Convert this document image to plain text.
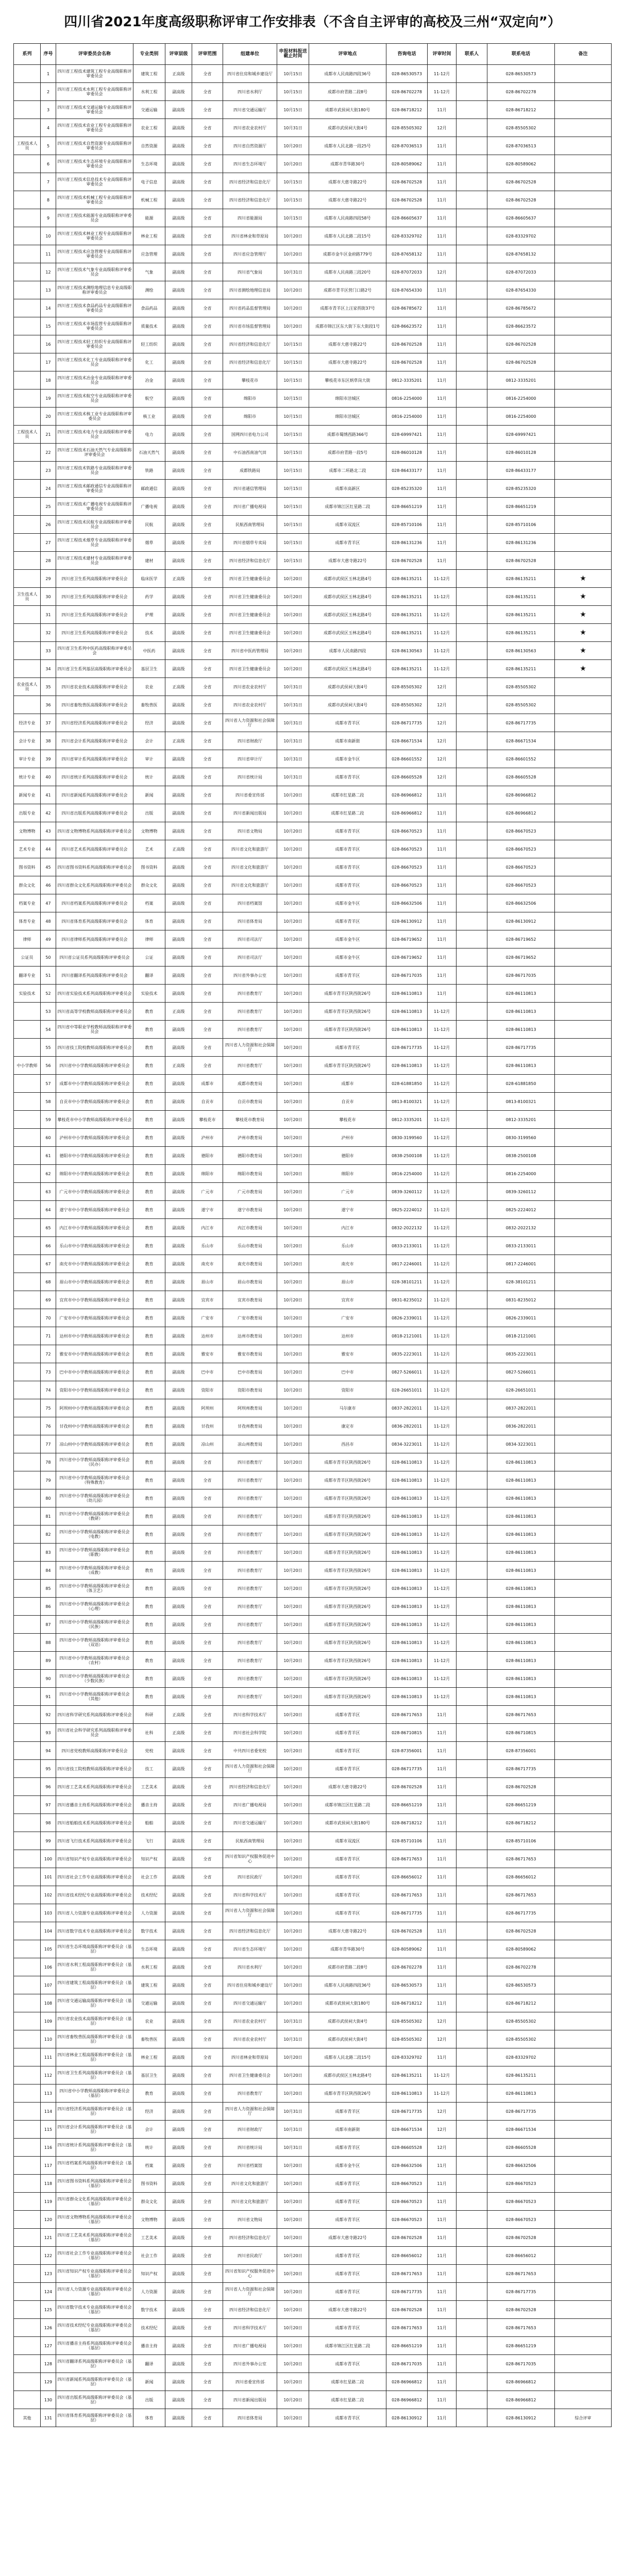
四川省2021年度高级职称评审工作安排表（不含自主评审的高校及三州“双定向”）
系列	序号	评审委员会名称	专业类别	评审层级	评审范围	组建单位	申报材料报送截止时间	评审地点	咨询电话	评审时间	联系人	联系电话	备注
	1	四川省工程技术建筑工程专业高级职称评审委员会	建筑工程	正高级	全省	四川省住房和城乡建设厅	10月15日	成都市人民南路四段36号	028-86530573	11-12月		028-86530573	
	2	四川省工程技术水利工程专业高级职称评审委员会	水利工程	副高级	全省	四川省水利厅	10月15日	成都市府青路二段8号	028-86702278	11-12月		028-86702278	
	3	四川省工程技术交通运输专业高级职称评审委员会	交通运输	副高级	全省	四川省交通运输厅	10月15日	成都市武侯祠大街180号	028-86718212	11月		028-86718212	
	4	四川省工程技术农业工程专业高级职称评审委员会	农业工程	副高级	全省	四川省农业农村厅	10月31日	成都市武侯祠大街4号	028-85505302	12月		028-85505302	
工程技术人员	5	四川省工程技术自然资源专业高级职称评审委员会	自然资源	副高级	全省	四川省自然资源厅	10月20日	成都市人民北路一段25号	028-87036513	11月		028-87036513	
	6	四川省工程技术生态环境专业高级职称评审委员会	生态环境	副高级	全省	四川省生态环境厅	10月20日	成都市青华路30号	028-80589062	11月		028-80589062	
	7	四川省工程技术信息技术专业高级职称评审委员会	电子信息	副高级	全省	四川省经济和信息化厅	10月15日	成都市大慈寺路22号	028-86702528	11月		028-86702528	
	8	四川省工程技术机械工程专业高级职称评审委员会	机械工程	副高级	全省	四川省经济和信息化厅	10月15日	成都市大慈寺路22号	028-86702528	11月		028-86702528	
	9	四川省工程技术能源专业高级职称评审委员会	能源	副高级	全省	四川省能源局	10月15日	成都市人民南路四段58号	028-86605637	11月		028-86605637	
	10	四川省工程技术林业工程专业高级职称评审委员会	林业工程	副高级	全省	四川省林业和草原局	10月20日	成都市人民北路二段15号	028-83329702	11月		028-83329702	
	11	四川省工程技术应急管理专业高级职称评审委员会	应急管理	副高级	全省	四川省应急管理厅	10月20日	成都市金牛区金府路779号	028-87658132	11月		028-87658132	
	12	四川省工程技术气象专业高级职称评审委员会	气象	副高级	全省	四川省气象局	10月31日	成都市人民南路三段20号	028-87072033	12月		028-87072033	
	13	四川省工程技术测绘地理信息专业高级职称评审委员会	测绘	副高级	全省	四川省测绘地理信息局	10月20日	成都市青羊区营门口路2号	028-87654330	11月		028-87654330	
	14	四川省工程技术食品药品专业高级职称评审委员会	食品药品	副高级	全省	四川省药品监督管理局	10月20日	成都市青羊区上汪家拐街37号	028-86785672	11月		028-86785672	
	15	四川省工程技术市场监管专业高级职称评审委员会	质量技术	副高级	全省	四川省市场监督管理局	10月20日	成都市锦江区东大街下东大街段1号	028-86623572	11月		028-86623572	
	16	四川省工程技术轻工纺织专业高级职称评审委员会	轻工纺织	副高级	全省	四川省经济和信息化厅	10月15日	成都市大慈寺路22号	028-86702528	11月		028-86702528	
	17	四川省工程技术化工专业高级职称评审委员会	化工	副高级	全省	四川省经济和信息化厅	10月15日	成都市大慈寺路22号	028-86702528	11月		028-86702528	
	18	四川省工程技术冶金专业高级职称评审委员会	冶金	副高级	全省	攀枝花市	10月15日	攀枝花市东区炳草岗大街	0812-3335201	11月		0812-3335201	
	19	四川省工程技术航空专业高级职称评审委员会	航空	副高级	全省	绵阳市	10月15日	绵阳市涪城区	0816-2254000	11月		0816-2254000	
	20	四川省工程技术核工业专业高级职称评审委员会	核工业	副高级	全省	绵阳市	10月15日	绵阳市涪城区	0816-2254000	11月		0816-2254000	
工程技术人员	21	四川省工程技术电力专业高级职称评审委员会	电力	副高级	全省	国网四川省电力公司	10月15日	成都市蜀绣西路366号	028-69997421	11月		028-69997421	
	22	四川省工程技术石油天然气专业高级职称评审委员会	石油天然气	副高级	全省	中石油西南油气田	10月15日	成都市府青路一段5号	028-86010128	11月		028-86010128	
	23	四川省工程技术铁路专业高级职称评审委员会	铁路	副高级	全省	成都铁路局	10月15日	成都市二环路北二段	028-86433177	11月		028-86433177	
	24	四川省工程技术邮政通信专业高级职称评审委员会	邮政通信	副高级	全省	四川省通信管理局	10月15日	成都市高新区	028-85235320	11月		028-85235320	
	25	四川省工程技术广播电视专业高级职称评审委员会	广播电视	副高级	全省	四川省广播电视局	10月15日	成都市锦江区红星路二段	028-86651219	11月		028-86651219	
	26	四川省工程技术民航专业高级职称评审委员会	民航	副高级	全省	民航西南管理局	10月15日	成都市双流区	028-85710106	11月		028-85710106	
	27	四川省工程技术烟草专业高级职称评审委员会	烟草	副高级	全省	四川省烟草专卖局	10月15日	成都市青羊区	028-86131236	11月		028-86131236	
	28	四川省工程技术建材专业高级职称评审委员会	建材	副高级	全省	四川省经济和信息化厅	10月15日	成都市大慈寺路22号	028-86702528	11月		028-86702528	
	29	四川省卫生系列高级职称评审委员会	临床医学	正高级	全省	四川省卫生健康委员会	10月20日	成都市武侯区玉林北路4号	028-86135211	11-12月		028-86135211	★
卫生技术人员	30	四川省卫生系列高级职称评审委员会	药学	副高级	全省	四川省卫生健康委员会	10月20日	成都市武侯区玉林北路4号	028-86135211	11-12月		028-86135211	★
	31	四川省卫生系列高级职称评审委员会	护理	副高级	全省	四川省卫生健康委员会	10月20日	成都市武侯区玉林北路4号	028-86135211	11-12月		028-86135211	★
	32	四川省卫生系列高级职称评审委员会	技术	副高级	全省	四川省卫生健康委员会	10月20日	成都市武侯区玉林北路4号	028-86135211	11-12月		028-86135211	★
	33	四川省卫生系列中医药高级职称评审委员会	中医药	副高级	全省	四川省中医药管理局	10月20日	成都市人民南路四段	028-86130563	11-12月		028-86130563	★
	34	四川省卫生系列基层高级职称评审委员会	基层卫生	副高级	全省	四川省卫生健康委员会	10月20日	成都市武侯区玉林北路4号	028-86135211	11-12月		028-86135211	★
农业技术人员	35	四川省农业技术高级职称评审委员会	农业	正高级	全省	四川省农业农村厅	10月31日	成都市武侯祠大街4号	028-85505302	12月		028-85505302	
	36	四川省畜牧兽医高级职称评审委员会	畜牧兽医	副高级	全省	四川省农业农村厅	10月31日	成都市武侯祠大街4号	028-85505302	12月		028-85505302	
经济专业	37	四川省经济系列高级职称评审委员会	经济	副高级	全省	四川省人力资源和社会保障厅	10月31日	成都市青羊区	028-86717735	12月		028-86717735	
会计专业	38	四川省会计系列高级职称评审委员会	会计	正高级	全省	四川省财政厅	10月31日	成都市南新街	028-86671534	12月		028-86671534	
审计专业	39	四川省审计系列高级职称评审委员会	审计	副高级	全省	四川省审计厅	10月31日	成都市金牛区	028-86601552	12月		028-86601552	
统计专业	40	四川省统计系列高级职称评审委员会	统计	副高级	全省	四川省统计局	10月31日	成都市青羊区	028-86605528	12月		028-86605528	
新闻专业	41	四川省新闻系列高级职称评审委员会	新闻	副高级	全省	四川省委宣传部	10月20日	成都市红星路二段	028-86966812	11月		028-86966812	
出版专业	42	四川省出版系列高级职称评审委员会	出版	副高级	全省	四川省新闻出版局	10月20日	成都市红星路二段	028-86966812	11月		028-86966812	
文物博物	43	四川省文物博物系列高级职称评审委员会	文物博物	副高级	全省	四川省文物局	10月20日	成都市青羊区	028-86670523	11月		028-86670523	
艺术专业	44	四川省艺术系列高级职称评审委员会	艺术	正高级	全省	四川省文化和旅游厅	10月20日	成都市青羊区	028-86670523	11月		028-86670523	
图书资料	45	四川省图书资料系列高级职称评审委员会	图书资料	副高级	全省	四川省文化和旅游厅	10月20日	成都市青羊区	028-86670523	11月		028-86670523	
群众文化	46	四川省群众文化系列高级职称评审委员会	群众文化	副高级	全省	四川省文化和旅游厅	10月20日	成都市青羊区	028-86670523	11月		028-86670523	
档案专业	47	四川省档案系列高级职称评审委员会	档案	副高级	全省	四川省档案馆	10月20日	成都市金牛区	028-86632506	11月		028-86632506	
体育专业	48	四川省体育系列高级职称评审委员会	体育	副高级	全省	四川省体育局	10月20日	成都市青羊区	028-86130912	11月		028-86130912	
律师	49	四川省律师系列高级职称评审委员会	律师	副高级	全省	四川省司法厅	10月20日	成都市金牛区	028-86719652	11月		028-86719652	
公证员	50	四川省公证员系列高级职称评审委员会	公证	副高级	全省	四川省司法厅	10月20日	成都市金牛区	028-86719652	11月		028-86719652	
翻译专业	51	四川省翻译系列高级职称评审委员会	翻译	副高级	全省	四川省外事办公室	10月20日	成都市青羊区	028-86717035	11月		028-86717035	
实验技术	52	四川省实验技术系列高级职称评审委员会	实验技术	副高级	全省	四川省教育厅	10月20日	成都市青羊区陕西街26号	028-86110813	11月		028-86110813	
	53	四川省高等学校教师高级职称评审委员会	教育	正高级	全省	四川省教育厅	10月20日	成都市青羊区陕西街26号	028-86110813	11-12月		028-86110813	
	54	四川省中等职业学校教师高级职称评审委员会	教育	副高级	全省	四川省教育厅	10月20日	成都市青羊区陕西街26号	028-86110813	11-12月		028-86110813	
	55	四川省技工院校教师高级职称评审委员会	教育	副高级	全省	四川省人力资源和社会保障厅	10月20日	成都市青羊区	028-86717735	11-12月		028-86717735	
中小学教师	56	四川省中小学教师高级职称评审委员会	教育	正高级	全省	四川省教育厅	10月20日	成都市青羊区陕西街26号	028-86110813	11-12月		028-86110813	
	57	成都市中小学教师高级职称评审委员会	教育	副高级	成都市	成都市教育局	10月20日	成都市	028-61881850	11-12月		028-61881850	
	58	自贡市中小学教师高级职称评审委员会	教育	副高级	自贡市	自贡市教育局	10月20日	自贡市	0813-8100321	11-12月		0813-8100321	
	59	攀枝花市中小学教师高级职称评审委员会	教育	副高级	攀枝花市	攀枝花市教育局	10月20日	攀枝花市	0812-3335201	11-12月		0812-3335201	
	60	泸州市中小学教师高级职称评审委员会	教育	副高级	泸州市	泸州市教育局	10月20日	泸州市	0830-3199560	11-12月		0830-3199560	
	61	德阳市中小学教师高级职称评审委员会	教育	副高级	德阳市	德阳市教育局	10月20日	德阳市	0838-2500108	11-12月		0838-2500108	
	62	绵阳市中小学教师高级职称评审委员会	教育	副高级	绵阳市	绵阳市教育局	10月20日	绵阳市	0816-2254000	11-12月		0816-2254000	
	63	广元市中小学教师高级职称评审委员会	教育	副高级	广元市	广元市教育局	10月20日	广元市	0839-3260112	11-12月		0839-3260112	
	64	遂宁市中小学教师高级职称评审委员会	教育	副高级	遂宁市	遂宁市教育局	10月20日	遂宁市	0825-2224012	11-12月		0825-2224012	
	65	内江市中小学教师高级职称评审委员会	教育	副高级	内江市	内江市教育局	10月20日	内江市	0832-2022132	11-12月		0832-2022132	
	66	乐山市中小学教师高级职称评审委员会	教育	副高级	乐山市	乐山市教育局	10月20日	乐山市	0833-2133011	11-12月		0833-2133011	
	67	南充市中小学教师高级职称评审委员会	教育	副高级	南充市	南充市教育局	10月20日	南充市	0817-2246001	11-12月		0817-2246001	
	68	眉山市中小学教师高级职称评审委员会	教育	副高级	眉山市	眉山市教育局	10月20日	眉山市	028-38101211	11-12月		028-38101211	
	69	宜宾市中小学教师高级职称评审委员会	教育	副高级	宜宾市	宜宾市教育局	10月20日	宜宾市	0831-8235012	11-12月		0831-8235012	
	70	广安市中小学教师高级职称评审委员会	教育	副高级	广安市	广安市教育局	10月20日	广安市	0826-2339011	11-12月		0826-2339011	
	71	达州市中小学教师高级职称评审委员会	教育	副高级	达州市	达州市教育局	10月20日	达州市	0818-2121001	11-12月		0818-2121001	
	72	雅安市中小学教师高级职称评审委员会	教育	副高级	雅安市	雅安市教育局	10月20日	雅安市	0835-2223011	11-12月		0835-2223011	
	73	巴中市中小学教师高级职称评审委员会	教育	副高级	巴中市	巴中市教育局	10月20日	巴中市	0827-5266011	11-12月		0827-5266011	
	74	资阳市中小学教师高级职称评审委员会	教育	副高级	资阳市	资阳市教育局	10月20日	资阳市	028-26651011	11-12月		028-26651011	
	75	阿坝州中小学教师高级职称评审委员会	教育	副高级	阿坝州	阿坝州教育局	10月20日	马尔康市	0837-2822011	11-12月		0837-2822011	
	76	甘孜州中小学教师高级职称评审委员会	教育	副高级	甘孜州	甘孜州教育局	10月20日	康定市	0836-2822011	11-12月		0836-2822011	
	77	凉山州中小学教师高级职称评审委员会	教育	副高级	凉山州	凉山州教育局	10月20日	西昌市	0834-3223011	11-12月		0834-3223011	
	78	四川省中小学教师高级职称评审委员会（民办）	教育	副高级	全省	四川省教育厅	10月20日	成都市青羊区陕西街26号	028-86110813	11-12月		028-86110813	
	79	四川省中小学教师高级职称评审委员会（特殊教育）	教育	副高级	全省	四川省教育厅	10月20日	成都市青羊区陕西街26号	028-86110813	11-12月		028-86110813	
	80	四川省中小学教师高级职称评审委员会（幼儿园）	教育	副高级	全省	四川省教育厅	10月20日	成都市青羊区陕西街26号	028-86110813	11-12月		028-86110813	
	81	四川省中小学教师高级职称评审委员会（教研）	教育	副高级	全省	四川省教育厅	10月20日	成都市青羊区陕西街26号	028-86110813	11-12月		028-86110813	
	82	四川省中小学教师高级职称评审委员会（电教）	教育	副高级	全省	四川省教育厅	10月20日	成都市青羊区陕西街26号	028-86110813	11-12月		028-86110813	
	83	四川省中小学教师高级职称评审委员会（职教）	教育	副高级	全省	四川省教育厅	10月20日	成都市青羊区陕西街26号	028-86110813	11-12月		028-86110813	
	84	四川省中小学教师高级职称评审委员会（成教）	教育	副高级	全省	四川省教育厅	10月20日	成都市青羊区陕西街26号	028-86110813	11-12月		028-86110813	
	85	四川省中小学教师高级职称评审委员会（体卫艺）	教育	副高级	全省	四川省教育厅	10月20日	成都市青羊区陕西街26号	028-86110813	11-12月		028-86110813	
	86	四川省中小学教师高级职称评审委员会（心理）	教育	副高级	全省	四川省教育厅	10月20日	成都市青羊区陕西街26号	028-86110813	11-12月		028-86110813	
	87	四川省中小学教师高级职称评审委员会（民族）	教育	副高级	全省	四川省教育厅	10月20日	成都市青羊区陕西街26号	028-86110813	11-12月		028-86110813	
	88	四川省中小学教师高级职称评审委员会（双语）	教育	副高级	全省	四川省教育厅	10月20日	成都市青羊区陕西街26号	028-86110813	11-12月		028-86110813	
	89	四川省中小学教师高级职称评审委员会（农村）	教育	副高级	全省	四川省教育厅	10月20日	成都市青羊区陕西街26号	028-86110813	11-12月		028-86110813	
	90	四川省中小学教师高级职称评审委员会（少数民族）	教育	副高级	全省	四川省教育厅	10月20日	成都市青羊区陕西街26号	028-86110813	11-12月		028-86110813	
	91	四川省中小学教师高级职称评审委员会（其他）	教育	副高级	全省	四川省教育厅	10月20日	成都市青羊区陕西街26号	028-86110813	11-12月		028-86110813	
	92	四川省科学研究系列高级职称评审委员会	科研	正高级	全省	四川省科学技术厅	10月20日	成都市青羊区	028-86717653	11月		028-86717653	
	93	四川省社会科学研究系列高级职称评审委员会	社科	正高级	全省	四川省社会科学院	10月20日	成都市青羊区	028-86710815	11月		028-86710815	
	94	四川省党校教师高级职称评审委员会	党校	副高级	全省	中共四川省委党校	10月20日	成都市青羊区	028-87356001	11月		028-87356001	
	95	四川省技工院校教师高级职称评审委员会	技工	副高级	全省	四川省人力资源和社会保障厅	10月20日	成都市青羊区	028-86717735	11月		028-86717735	
	96	四川省工艺美术系列高级职称评审委员会	工艺美术	副高级	全省	四川省经济和信息化厅	10月20日	成都市大慈寺路22号	028-86702528	11月		028-86702528	
	97	四川省播音主持系列高级职称评审委员会	播音主持	副高级	全省	四川省广播电视局	10月20日	成都市锦江区红星路二段	028-86651219	11月		028-86651219	
	98	四川省船舶技术系列高级职称评审委员会	船舶	副高级	全省	四川省交通运输厅	10月20日	成都市武侯祠大街180号	028-86718212	11月		028-86718212	
	99	四川省飞行技术系列高级职称评审委员会	飞行	副高级	全省	民航西南管理局	10月20日	成都市双流区	028-85710106	11月		028-85710106	
	100	四川省知识产权专业高级职称评审委员会	知识产权	副高级	全省	四川省知识产权服务促进中心	10月20日	成都市青羊区	028-86717653	11月		028-86717653	
	101	四川省社会工作专业高级职称评审委员会	社会工作	副高级	全省	四川省民政厅	10月20日	成都市青羊区	028-86656012	11月		028-86656012	
	102	四川省技术经纪专业高级职称评审委员会	技术经纪	副高级	全省	四川省科学技术厅	10月20日	成都市青羊区	028-86717653	11月		028-86717653	
	103	四川省人力资源专业高级职称评审委员会	人力资源	副高级	全省	四川省人力资源和社会保障厅	10月20日	成都市青羊区	028-86717735	11月		028-86717735	
	104	四川省数字技术专业高级职称评审委员会	数字技术	副高级	全省	四川省经济和信息化厅	10月20日	成都市大慈寺路22号	028-86702528	11月		028-86702528	
	105	四川省生态环境高级职称评审委员会（基层）	生态环境	副高级	全省	四川省生态环境厅	10月20日	成都市青华路30号	028-80589062	11月		028-80589062	
	106	四川省水利工程高级职称评审委员会（基层）	水利工程	副高级	全省	四川省水利厅	10月20日	成都市府青路二段8号	028-86702278	11月		028-86702278	
	107	四川省建筑工程高级职称评审委员会（基层）	建筑工程	副高级	全省	四川省住房和城乡建设厅	10月20日	成都市人民南路四段36号	028-86530573	11月		028-86530573	
	108	四川省交通运输高级职称评审委员会（基层）	交通运输	副高级	全省	四川省交通运输厅	10月20日	成都市武侯祠大街180号	028-86718212	11月		028-86718212	
	109	四川省农业技术高级职称评审委员会（基层）	农业	副高级	全省	四川省农业农村厅	10月31日	成都市武侯祠大街4号	028-85505302	12月		028-85505302	
	110	四川省畜牧兽医高级职称评审委员会（基层）	畜牧兽医	副高级	全省	四川省农业农村厅	10月31日	成都市武侯祠大街4号	028-85505302	12月		028-85505302	
	111	四川省林业工程高级职称评审委员会（基层）	林业工程	副高级	全省	四川省林业和草原局	10月20日	成都市人民北路二段15号	028-83329702	11月		028-83329702	
	112	四川省卫生系列高级职称评审委员会（基层）	基层卫生	副高级	全省	四川省卫生健康委员会	10月20日	成都市武侯区玉林北路4号	028-86135211	11-12月		028-86135211	
	113	四川省中小学教师高级职称评审委员会（基层）	教育	副高级	全省	四川省教育厅	10月20日	成都市青羊区陕西街26号	028-86110813	11-12月		028-86110813	
	114	四川省经济系列高级职称评审委员会（基层）	经济	副高级	全省	四川省人力资源和社会保障厅	10月31日	成都市青羊区	028-86717735	12月		028-86717735	
	115	四川省会计系列高级职称评审委员会（基层）	会计	副高级	全省	四川省财政厅	10月31日	成都市南新街	028-86671534	12月		028-86671534	
	116	四川省统计系列高级职称评审委员会（基层）	统计	副高级	全省	四川省统计局	10月31日	成都市青羊区	028-86605528	12月		028-86605528	
	117	四川省档案系列高级职称评审委员会（基层）	档案	副高级	全省	四川省档案馆	10月20日	成都市金牛区	028-86632506	11月		028-86632506	
	118	四川省图书资料系列高级职称评审委员会（基层）	图书资料	副高级	全省	四川省文化和旅游厅	10月20日	成都市青羊区	028-86670523	11月		028-86670523	
	119	四川省群众文化系列高级职称评审委员会（基层）	群众文化	副高级	全省	四川省文化和旅游厅	10月20日	成都市青羊区	028-86670523	11月		028-86670523	
	120	四川省文物博物系列高级职称评审委员会（基层）	文物博物	副高级	全省	四川省文物局	10月20日	成都市青羊区	028-86670523	11月		028-86670523	
	121	四川省工艺美术系列高级职称评审委员会（基层）	工艺美术	副高级	全省	四川省经济和信息化厅	10月20日	成都市大慈寺路22号	028-86702528	11月		028-86702528	
	122	四川省社会工作专业高级职称评审委员会（基层）	社会工作	副高级	全省	四川省民政厅	10月20日	成都市青羊区	028-86656012	11月		028-86656012	
	123	四川省知识产权专业高级职称评审委员会（基层）	知识产权	副高级	全省	四川省知识产权服务促进中心	10月20日	成都市青羊区	028-86717653	11月		028-86717653	
	124	四川省人力资源专业高级职称评审委员会（基层）	人力资源	副高级	全省	四川省人力资源和社会保障厅	10月20日	成都市青羊区	028-86717735	11月		028-86717735	
	125	四川省数字技术专业高级职称评审委员会（基层）	数字技术	副高级	全省	四川省经济和信息化厅	10月20日	成都市大慈寺路22号	028-86702528	11月		028-86702528	
	126	四川省技术经纪专业高级职称评审委员会（基层）	技术经纪	副高级	全省	四川省科学技术厅	10月20日	成都市青羊区	028-86717653	11月		028-86717653	
	127	四川省播音主持系列高级职称评审委员会（基层）	播音主持	副高级	全省	四川省广播电视局	10月20日	成都市锦江区红星路二段	028-86651219	11月		028-86651219	
	128	四川省翻译系列高级职称评审委员会（基层）	翻译	副高级	全省	四川省外事办公室	10月20日	成都市青羊区	028-86717035	11月		028-86717035	
	129	四川省新闻系列高级职称评审委员会（基层）	新闻	副高级	全省	四川省委宣传部	10月20日	成都市红星路二段	028-86966812	11月		028-86966812	
	130	四川省出版系列高级职称评审委员会（基层）	出版	副高级	全省	四川省新闻出版局	10月20日	成都市红星路二段	028-86966812	11月		028-86966812	
其他	131	四川省体育系列高级职称评审委员会（基层）	体育	副高级	全省	四川省体育局	10月20日	成都市青羊区	028-86130912	11月		028-86130912	综合评审
